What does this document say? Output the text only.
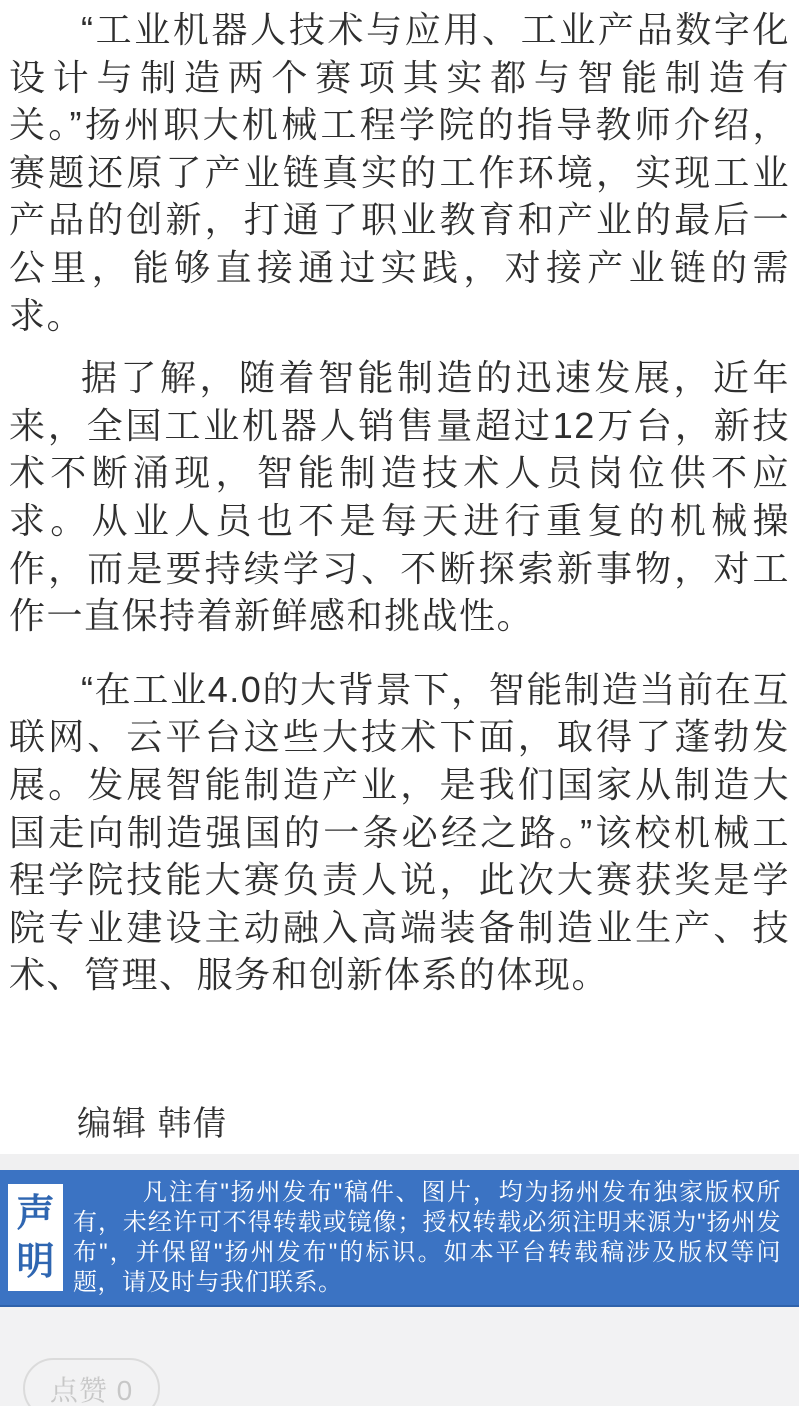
“工业机器人技术与应用、工业产品数字化设计与制造两个赛项其实都与智能制造有关。”扬州职大机械工程学院的指导教师介绍，赛题还原了产业链真实的工作环境，实现工业产品的创新，打通了职业教育和产业的最后一公里，能够直接通过实践，对接产业链的需求。

据了解，随着智能制造的迅速发展，近年来，全国工业机器人销售量超过12万台，新技术不断涌现，智能制造技术人员岗位供不应求。从业人员也不是每天进行重复的机械操作，而是要持续学习、不断探索新事物，对工作一直保持着新鲜感和挑战性。

“在工业4.0的大背景下，智能制造当前在互联网、云平台这些大技术下面，取得了蓬勃发展。发展智能制造产业，是我们国家从制造大国走向制造强国的一条必经之路。”该校机械工程学院技能大赛负责人说，此次大赛获奖是学院专业建设主动融入高端装备制造业生产、技术、管理、服务和创新体系的体现。

编辑 韩倩

声
明

凡注有"扬州发布"稿件、图片，均为扬州发布独家版权所有，未经许可不得转载或镜像；授权转载必须注明来源为"扬州发布"，并保留"扬州发布"的标识。如本平台转载稿涉及版权等问题，请及时与我们联系。

点赞 0
